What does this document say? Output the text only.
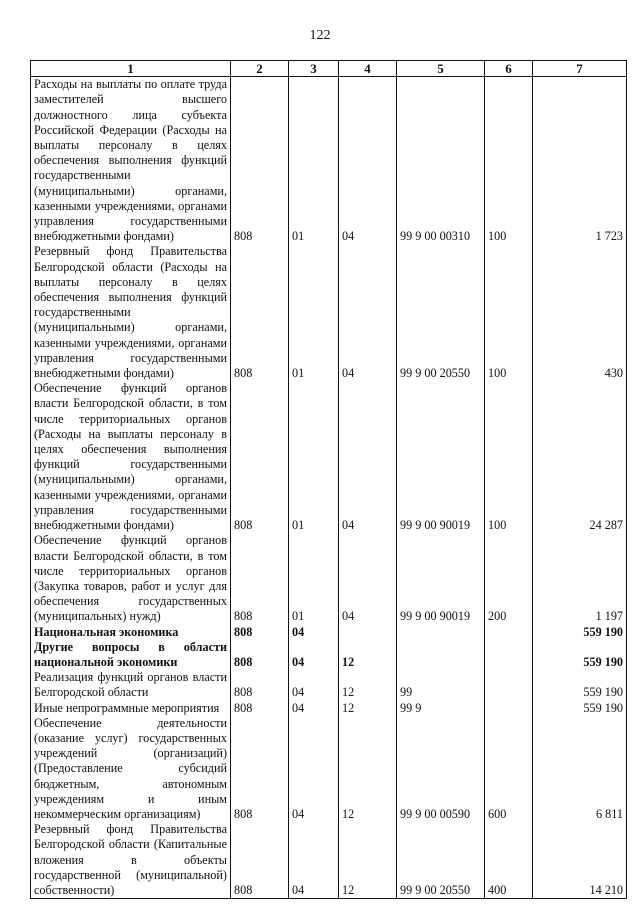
122
1	2	3	4	5	6	7
Расходы на выплаты по оплате труда заместителей высшего должностного лица субъекта Российской Федерации (Расходы на выплаты персоналу в целях обеспечения выполнения функций государственными (муниципальными) органами, казенными учреждениями, органами управления государственными внебюджетными фондами)	808	01	04	99 9 00 00310	100	1 723
Резервный фонд Правительства Белгородской области (Расходы на выплаты персоналу в целях обеспечения выполнения функций государственными (муниципальными) органами, казенными учреждениями, органами управления государственными внебюджетными фондами)	808	01	04	99 9 00 20550	100	430
Обеспечение функций органов власти Белгородской области, в том числе территориальных органов (Расходы на выплаты персоналу в целях обеспечения выполнения функций государственными (муниципальными) органами, казенными учреждениями, органами управления государственными внебюджетными фондами)	808	01	04	99 9 00 90019	100	24 287
Обеспечение функций органов власти Белгородской области, в том числе территориальных органов (Закупка товаров, работ и услуг для обеспечения государственных (муниципальных) нужд)	808	01	04	99 9 00 90019	200	1 197
Национальная экономика	808	04				559 190
Другие вопросы в области национальной экономики	808	04	12			559 190
Реализация функций органов власти Белгородской области	808	04	12	99		559 190
Иные непрограммные мероприятия	808	04	12	99 9		559 190
Обеспечение деятельности (оказание услуг) государственных учреждений (организаций) (Предоставление субсидий бюджетным, автономным учреждениям и иным некоммерческим организациям)	808	04	12	99 9 00 00590	600	6 811
Резервный фонд Правительства Белгородской области (Капитальные вложения в объекты государственной (муниципальной) собственности)	808	04	12	99 9 00 20550	400	14 210
